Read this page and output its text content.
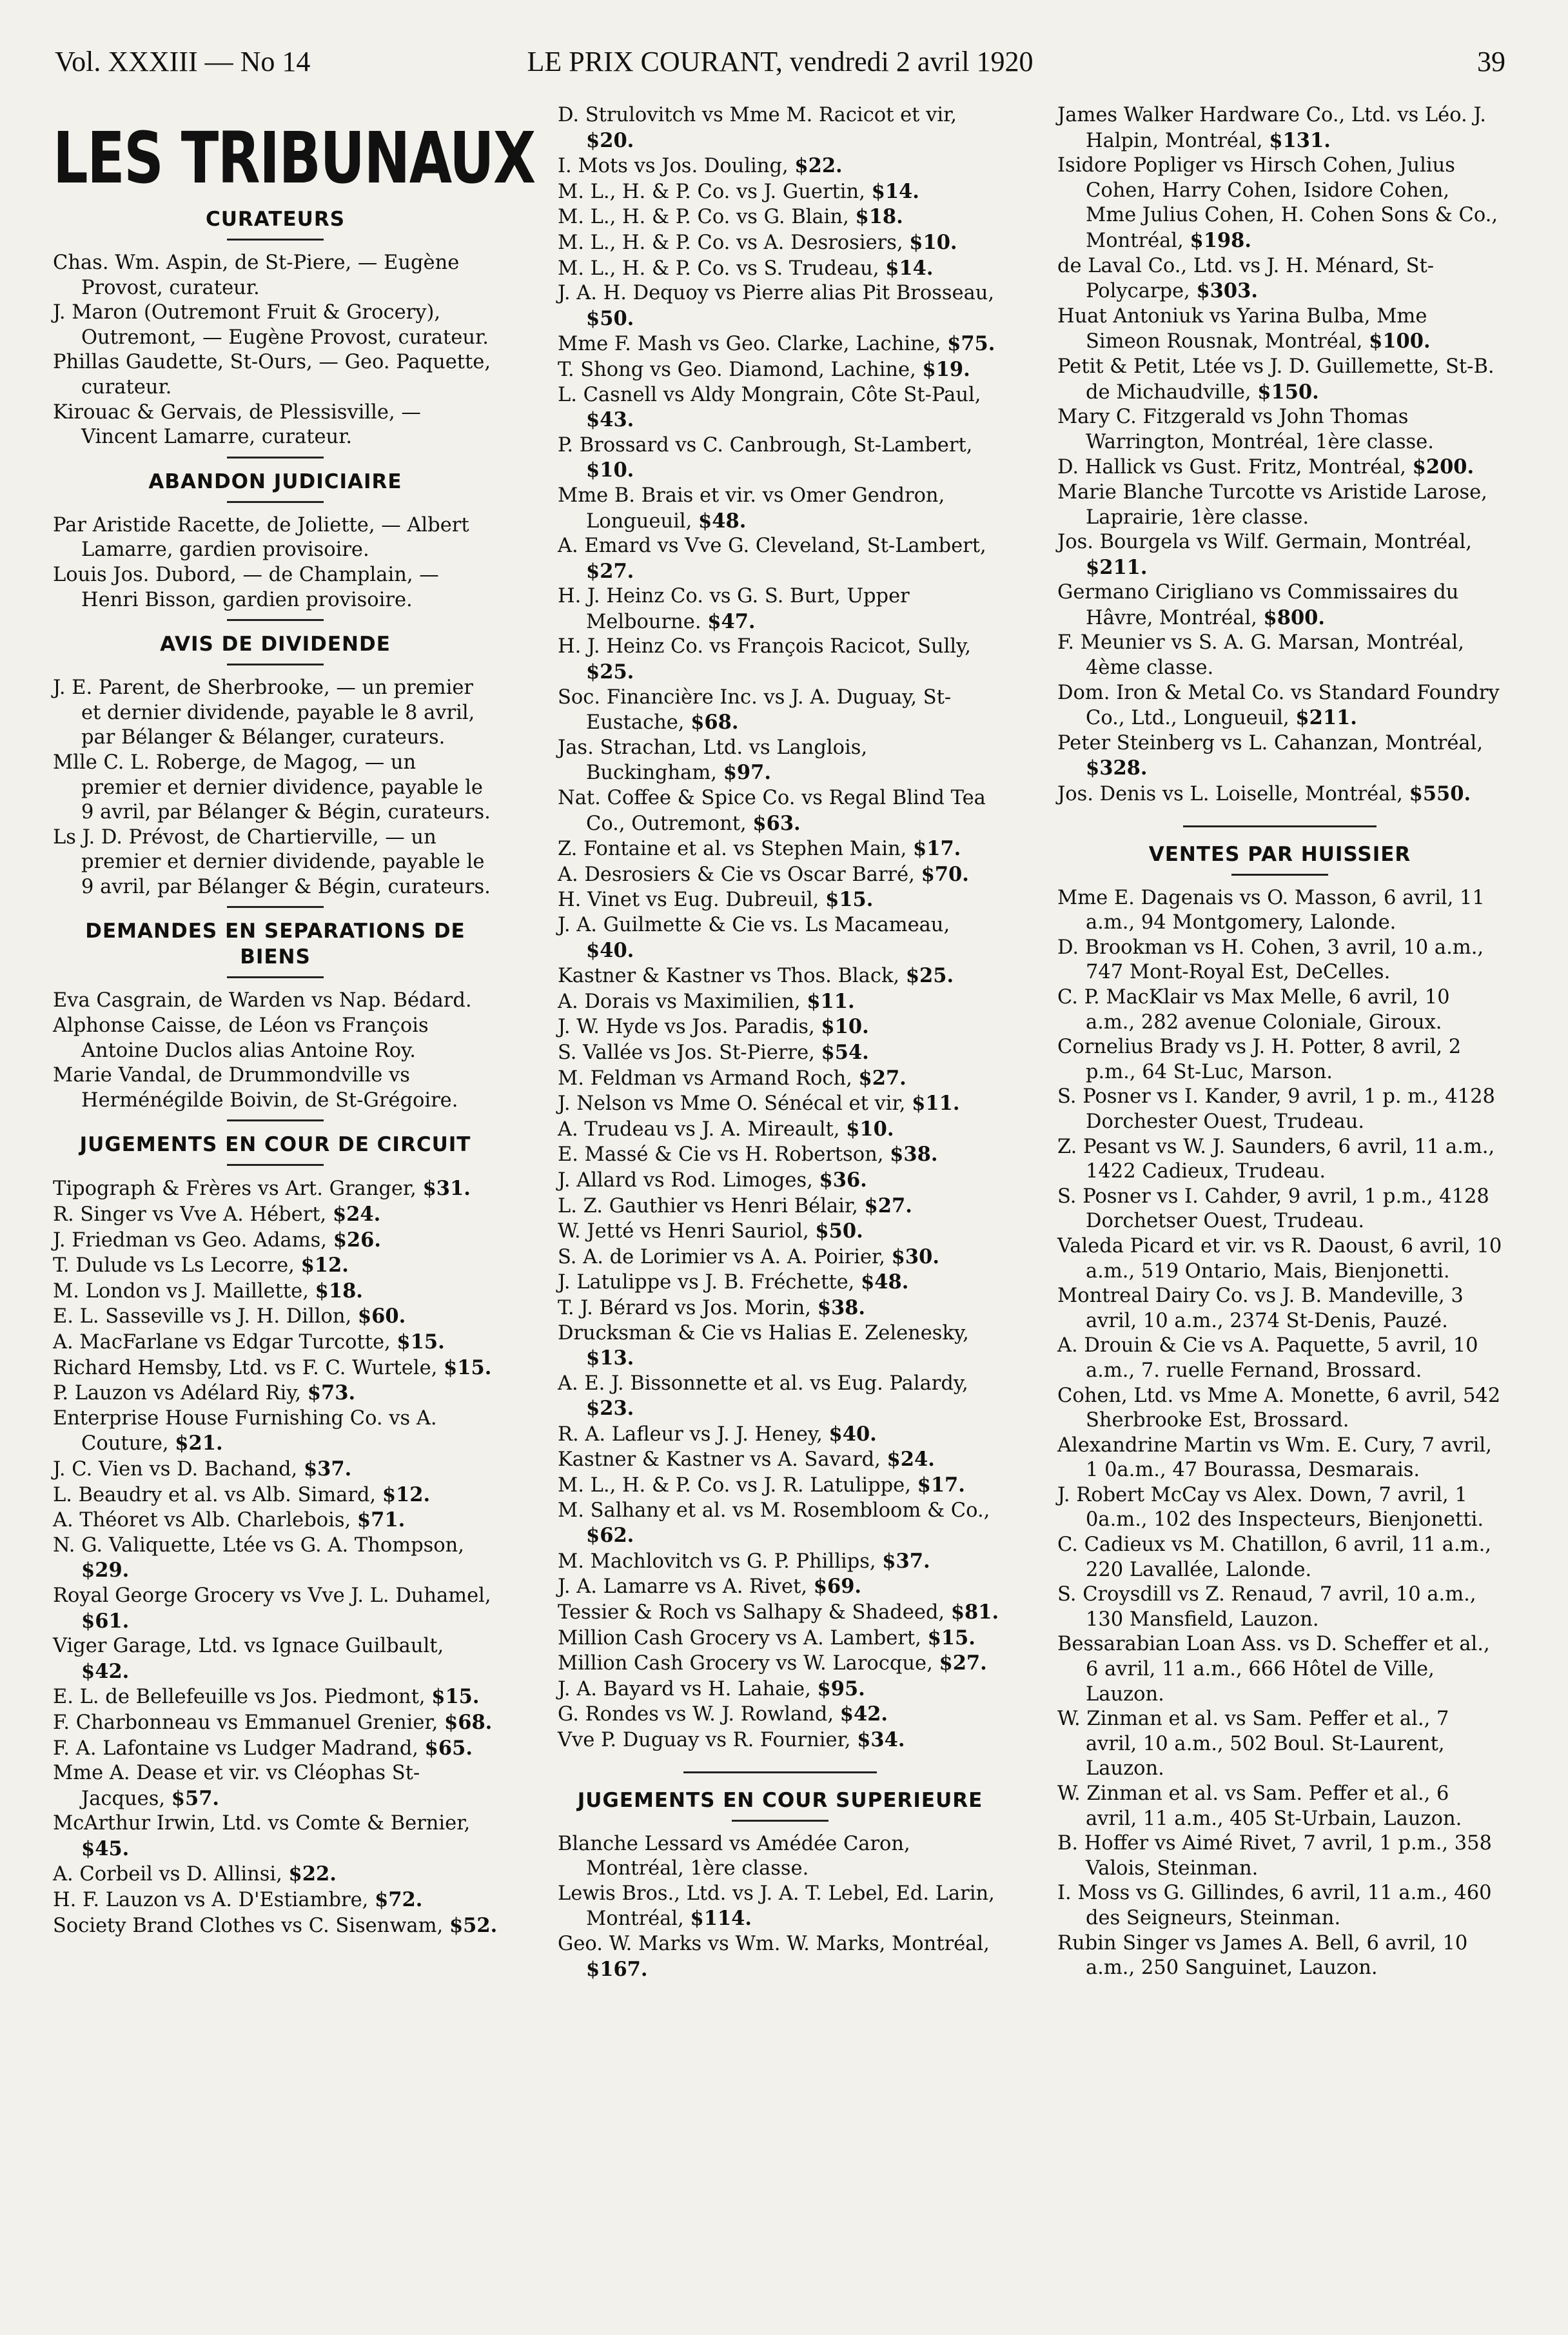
Vol. XXXIII — No 14	LE PRIX COURANT, vendredi 2 avril 1920	39
LES TRIBUNAUX
CURATEURS

Chas. Wm. Aspin, de St-Piere, — Eugène Provost, curateur.

J. Maron (Outremont Fruit & Grocery), Outremont, — Eugène Provost, curateur.

Phillas Gaudette, St-Ours, — Geo. Paquette, curateur.

Kirouac & Gervais, de Plessisville, — Vincent Lamarre, curateur.

ABANDON JUDICIAIRE

Par Aristide Racette, de Joliette, — Albert Lamarre, gardien provisoire.

Louis Jos. Dubord, — de Champlain, — Henri Bisson, gardien provisoire.

AVIS DE DIVIDENDE

J. E. Parent, de Sherbrooke, — un premier et dernier dividende, payable le 8 avril, par Bélanger & Bélanger, curateurs.

Mlle C. L. Roberge, de Magog, — un premier et dernier dividence, payable le 9 avril, par Bélanger & Bégin, curateurs.

Ls J. D. Prévost, de Chartierville, — un premier et dernier dividende, payable le 9 avril, par Bélanger & Bégin, curateurs.

DEMANDES EN SEPARATIONS DE BIENS

Eva Casgrain, de Warden vs Nap. Bédard.

Alphonse Caisse, de Léon vs François Antoine Duclos alias Antoine Roy.

Marie Vandal, de Drummondville vs Herménégilde Boivin, de St-Grégoire.

JUGEMENTS EN COUR DE CIRCUIT

Tipograph & Frères vs Art. Granger, $31.

R. Singer vs Vve A. Hébert, $24.

J. Friedman vs Geo. Adams, $26.

T. Dulude vs Ls Lecorre, $12.

M. London vs J. Maillette, $18.

E. L. Sasseville vs J. H. Dillon, $60.

A. MacFarlane vs Edgar Turcotte, $15.

Richard Hemsby, Ltd. vs F. C. Wurtele, $15.

P. Lauzon vs Adélard Riy, $73.

Enterprise House Furnishing Co. vs A. Couture, $21.

J. C. Vien vs D. Bachand, $37.

L. Beaudry et al. vs Alb. Simard, $12.

A. Théoret vs Alb. Charlebois, $71.

N. G. Valiquette, Ltée vs G. A. Thompson, $29.

Royal George Grocery vs Vve J. L. Duhamel, $61.

Viger Garage, Ltd. vs Ignace Guilbault, $42.

E. L. de Bellefeuille vs Jos. Piedmont, $15.

F. Charbonneau vs Emmanuel Grenier, $68.

F. A. Lafontaine vs Ludger Madrand, $65.

Mme A. Dease et vir. vs Cléophas St-Jacques, $57.

McArthur Irwin, Ltd. vs Comte & Bernier, $45.

A. Corbeil vs D. Allinsi, $22.

H. F. Lauzon vs A. D'Estiambre, $72.

Society Brand Clothes vs C. Sisenwam, $52.

D. Strulovitch vs Mme M. Racicot et vir, $20.

I. Mots vs Jos. Douling, $22.

M. L., H. & P. Co. vs J. Guertin, $14.

M. L., H. & P. Co. vs G. Blain, $18.

M. L., H. & P. Co. vs A. Desrosiers, $10.

M. L., H. & P. Co. vs S. Trudeau, $14.

J. A. H. Dequoy vs Pierre alias Pit Brosseau, $50.

Mme F. Mash vs Geo. Clarke, Lachine, $75.

T. Shong vs Geo. Diamond, Lachine, $19.

L. Casnell vs Aldy Mongrain, Côte St-Paul, $43.

P. Brossard vs C. Canbrough, St-Lambert, $10.

Mme B. Brais et vir. vs Omer Gendron, Longueuil, $48.

A. Emard vs Vve G. Cleveland, St-Lambert, $27.

H. J. Heinz Co. vs G. S. Burt, Upper Melbourne. $47.

H. J. Heinz Co. vs François Racicot, Sully, $25.

Soc. Financière Inc. vs J. A. Duguay, St-Eustache, $68.

Jas. Strachan, Ltd. vs Langlois, Buckingham, $97.

Nat. Coffee & Spice Co. vs Regal Blind Tea Co., Outremont, $63.

Z. Fontaine et al. vs Stephen Main, $17.

A. Desrosiers & Cie vs Oscar Barré, $70.

H. Vinet vs Eug. Dubreuil, $15.

J. A. Guilmette & Cie vs. Ls Macameau, $40.

Kastner & Kastner vs Thos. Black, $25.

A. Dorais vs Maximilien, $11.

J. W. Hyde vs Jos. Paradis, $10.

S. Vallée vs Jos. St-Pierre, $54.

M. Feldman vs Armand Roch, $27.

J. Nelson vs Mme O. Sénécal et vir, $11.

A. Trudeau vs J. A. Mireault, $10.

E. Massé & Cie vs H. Robertson, $38.

J. Allard vs Rod. Limoges, $36.

L. Z. Gauthier vs Henri Bélair, $27.

W. Jetté vs Henri Sauriol, $50.

S. A. de Lorimier vs A. A. Poirier, $30.

J. Latulippe vs J. B. Fréchette, $48.

T. J. Bérard vs Jos. Morin, $38.

Drucksman & Cie vs Halias E. Zelenesky, $13.

A. E. J. Bissonnette et al. vs Eug. Palardy, $23.

R. A. Lafleur vs J. J. Heney, $40.

Kastner & Kastner vs A. Savard, $24.

M. L., H. & P. Co. vs J. R. Latulippe, $17.

M. Salhany et al. vs M. Rosembloom & Co., $62.

M. Machlovitch vs G. P. Phillips, $37.

J. A. Lamarre vs A. Rivet, $69.

Tessier & Roch vs Salhapy & Shadeed, $81.

Million Cash Grocery vs A. Lambert, $15.

Million Cash Grocery vs W. Larocque, $27.

J. A. Bayard vs H. Lahaie, $95.

G. Rondes vs W. J. Rowland, $42.

Vve P. Duguay vs R. Fournier, $34.

JUGEMENTS EN COUR SUPERIEURE

Blanche Lessard vs Amédée Caron, Montréal, 1ère classe.

Lewis Bros., Ltd. vs J. A. T. Lebel, Ed. Larin, Montréal, $114.

Geo. W. Marks vs Wm. W. Marks, Montréal, $167.

James Walker Hardware Co., Ltd. vs Léo. J. Halpin, Montréal, $131.

Isidore Popliger vs Hirsch Cohen, Julius Cohen, Harry Cohen, Isidore Cohen, Mme Julius Cohen, H. Cohen Sons & Co., Montréal, $198.

de Laval Co., Ltd. vs J. H. Ménard, St-Polycarpe, $303.

Huat Antoniuk vs Yarina Bulba, Mme Simeon Rousnak, Montréal, $100.

Petit & Petit, Ltée vs J. D. Guillemette, St-B. de Michaudville, $150.

Mary C. Fitzgerald vs John Thomas Warrington, Montréal, 1ère classe.

D. Hallick vs Gust. Fritz, Montréal, $200.

Marie Blanche Turcotte vs Aristide Larose, Laprairie, 1ère classe.

Jos. Bourgela vs Wilf. Germain, Montréal, $211.

Germano Cirigliano vs Commissaires du Hâvre, Montréal, $800.

F. Meunier vs S. A. G. Marsan, Montréal, 4ème classe.

Dom. Iron & Metal Co. vs Standard Foundry Co., Ltd., Longueuil, $211.

Peter Steinberg vs L. Cahanzan, Montréal, $328.

Jos. Denis vs L. Loiselle, Montréal, $550.

VENTES PAR HUISSIER

Mme E. Dagenais vs O. Masson, 6 avril, 11 a.m., 94 Montgomery, Lalonde.

D. Brookman vs H. Cohen, 3 avril, 10 a.m., 747 Mont-Royal Est, DeCelles.

C. P. MacKlair vs Max Melle, 6 avril, 10 a.m., 282 avenue Coloniale, Giroux.

Cornelius Brady vs J. H. Potter, 8 avril, 2 p.m., 64 St-Luc, Marson.

S. Posner vs I. Kander, 9 avril, 1 p. m., 4128 Dorchester Ouest, Trudeau.

Z. Pesant vs W. J. Saunders, 6 avril, 11 a.m., 1422 Cadieux, Trudeau.

S. Posner vs I. Cahder, 9 avril, 1 p.m., 4128 Dorchetser Ouest, Trudeau.

Valeda Picard et vir. vs R. Daoust, 6 avril, 10 a.m., 519 Ontario, Mais, Bienjonetti.

Montreal Dairy Co. vs J. B. Mandeville, 3 avril, 10 a.m., 2374 St-Denis, Pauzé.

A. Drouin & Cie vs A. Paquette, 5 avril, 10 a.m., 7. ruelle Fernand, Brossard.

Cohen, Ltd. vs Mme A. Monette, 6 avril, 542 Sherbrooke Est, Brossard.

Alexandrine Martin vs Wm. E. Cury, 7 avril, 1 0a.m., 47 Bourassa, Desmarais.

J. Robert McCay vs Alex. Down, 7 avril, 1 0a.m., 102 des Inspecteurs, Bienjonetti.

C. Cadieux vs M. Chatillon, 6 avril, 11 a.m., 220 Lavallée, Lalonde.

S. Croysdill vs Z. Renaud, 7 avril, 10 a.m., 130 Mansfield, Lauzon.

Bessarabian Loan Ass. vs D. Scheffer et al., 6 avril, 11 a.m., 666 Hôtel de Ville, Lauzon.

W. Zinman et al. vs Sam. Peffer et al., 7 avril, 10 a.m., 502 Boul. St-Laurent, Lauzon.

W. Zinman et al. vs Sam. Peffer et al., 6 avril, 11 a.m., 405 St-Urbain, Lauzon.

B. Hoffer vs Aimé Rivet, 7 avril, 1 p.m., 358 Valois, Steinman.

I. Moss vs G. Gillindes, 6 avril, 11 a.m., 460 des Seigneurs, Steinman.

Rubin Singer vs James A. Bell, 6 avril, 10 a.m., 250 Sanguinet, Lauzon.
